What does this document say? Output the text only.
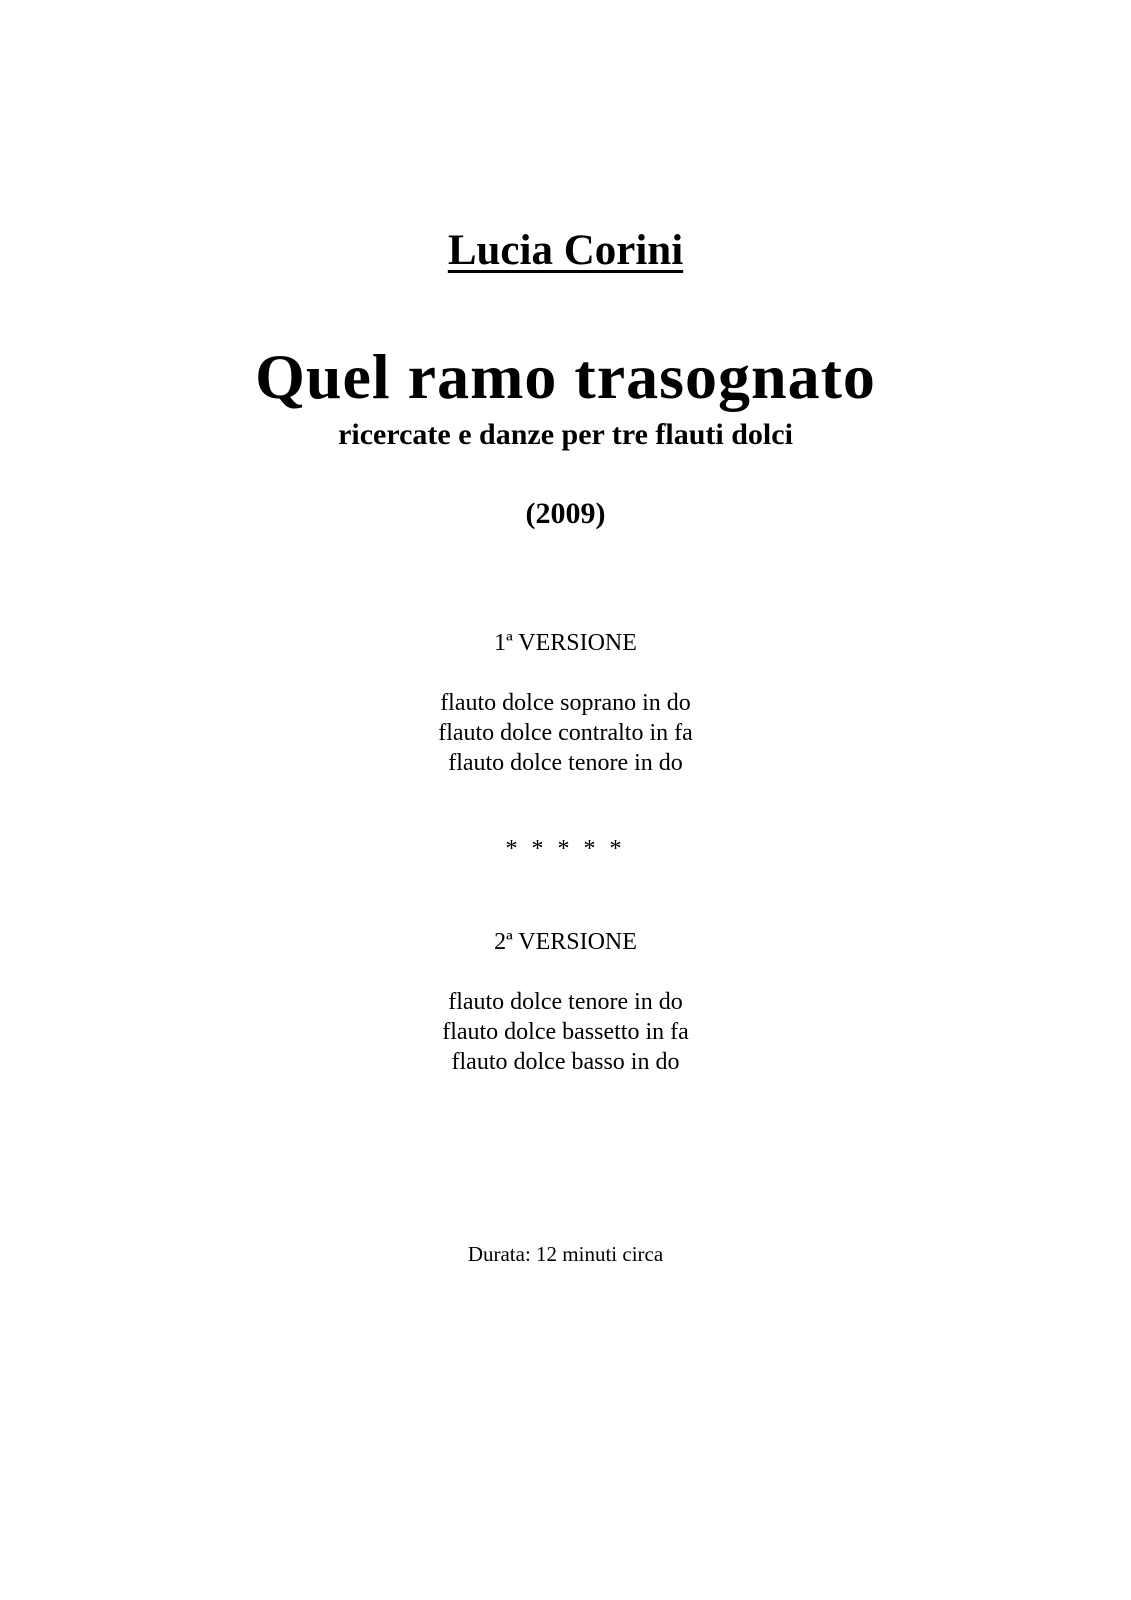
Lucia Corini

Quel ramo trasognato

ricercate e danze per tre flauti dolci

(2009)

1ª VERSIONE

flauto dolce soprano in do

flauto dolce contralto in fa

flauto dolce tenore in do

* * * * *

2ª VERSIONE

flauto dolce tenore in do

flauto dolce bassetto in fa

flauto dolce basso in do

Durata: 12 minuti circa
